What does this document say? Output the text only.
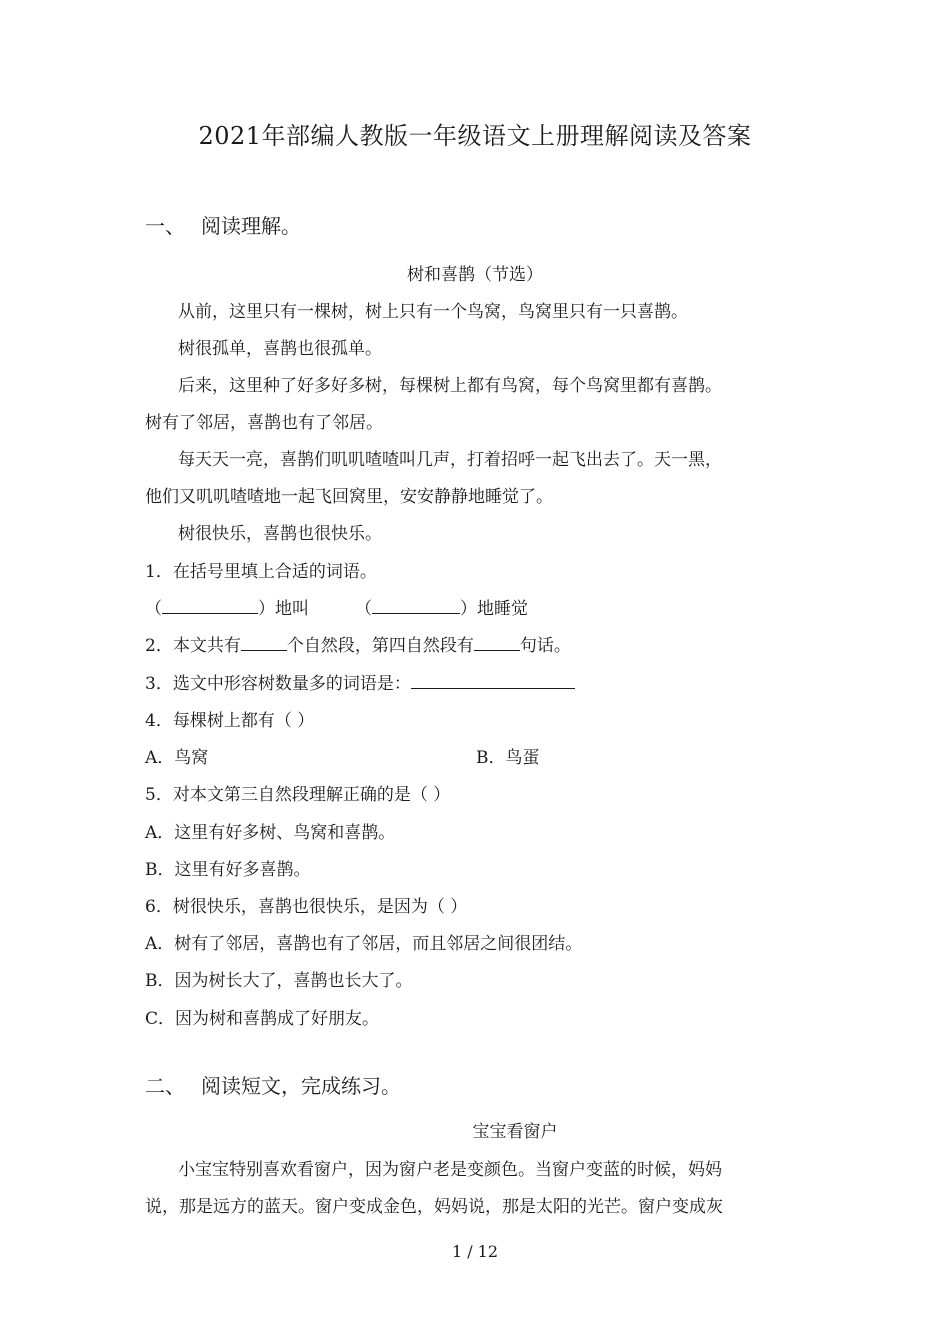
2021年部编人教版一年级语文上册理解阅读及答案
一、 阅读理解。
树和喜鹊（节选）
从前，这里只有一棵树，树上只有一个鸟窝，鸟窝里只有一只喜鹊。
树很孤单，喜鹊也很孤单。
后来，这里种了好多好多树，每棵树上都有鸟窝，每个鸟窝里都有喜鹊。
树有了邻居，喜鹊也有了邻居。
每天天一亮，喜鹊们叽叽喳喳叫几声，打着招呼一起飞出去了。天一黑，
他们又叽叽喳喳地一起飞回窝里，安安静静地睡觉了。
树很快乐，喜鹊也很快乐。
1．在括号里填上合适的词语。
（	）地叫	（	）地睡觉
2．本文共有	个自然段，第四自然段有	句话。
3．选文中形容树数量多的词语是：
4．每棵树上都有（ ）
A．鸟窝	B．鸟蛋
5．对本文第三自然段理解正确的是（ ）
A．这里有好多树、鸟窝和喜鹊。
B．这里有好多喜鹊。
6．树很快乐，喜鹊也很快乐，是因为（ ）
A．树有了邻居，喜鹊也有了邻居，而且邻居之间很团结。
B．因为树长大了，喜鹊也长大了。
C．因为树和喜鹊成了好朋友。
二、 阅读短文，完成练习。
宝宝看窗户
小宝宝特别喜欢看窗户，因为窗户老是变颜色。当窗户变蓝的时候，妈妈
说，那是远方的蓝天。窗户变成金色，妈妈说，那是太阳的光芒。窗户变成灰
1 / 12
